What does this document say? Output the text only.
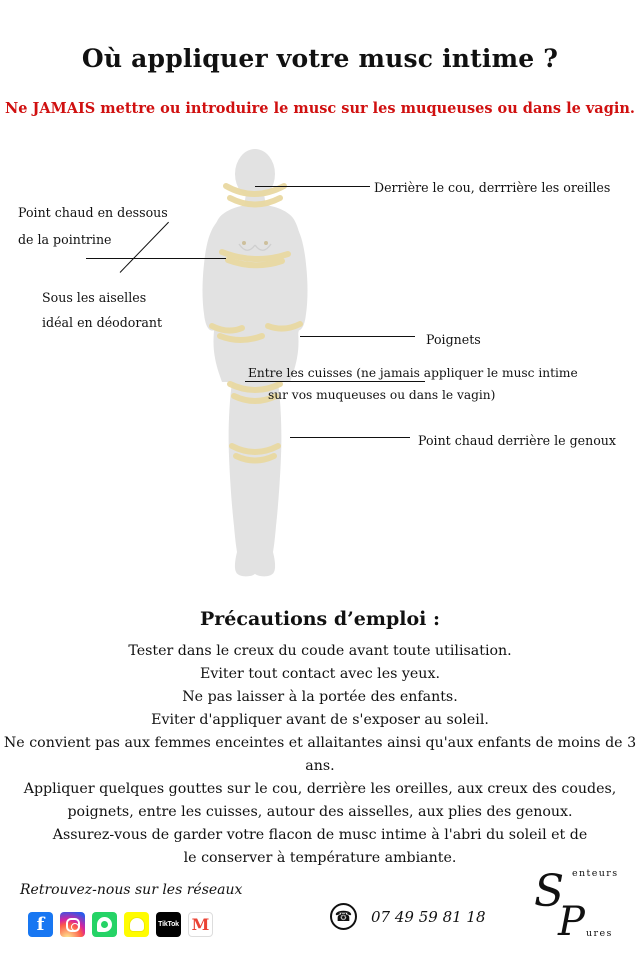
Où appliquer votre musc intime ?
Ne JAMAIS mettre ou introduire le musc sur les muqueuses ou dans le vagin.
Derrière le cou, derrrière les oreilles
Point chaud en dessous
de la pointrine
Sous les aiselles
idéal en déodorant
Poignets
Entre les cuisses (ne jamais appliquer le musc intime
sur vos muqueuses ou dans le vagin)
Point chaud derrière le genoux
Précautions d’emploi :
Tester dans le creux du coude avant toute utilisation.
Eviter tout contact avec les yeux.
Ne pas laisser à la portée des enfants.
Eviter d'appliquer avant de s'exposer au soleil.
Ne convient pas aux femmes enceintes et allaitantes ainsi qu'aux enfants de moins de 3 ans.
Appliquer quelques gouttes sur le cou, derrière les oreilles, aux creux des coudes,
poignets, entre les cuisses, autour des aisselles, aux plies des genoux.
Assurez-vous de garder votre flacon de musc intime à l'abri du soleil et de
le conserver à température ambiante.
Retrouvez-nous sur les réseaux
f	TikTok M	☎	07 49 59 81 18 S enteurs
P ures
